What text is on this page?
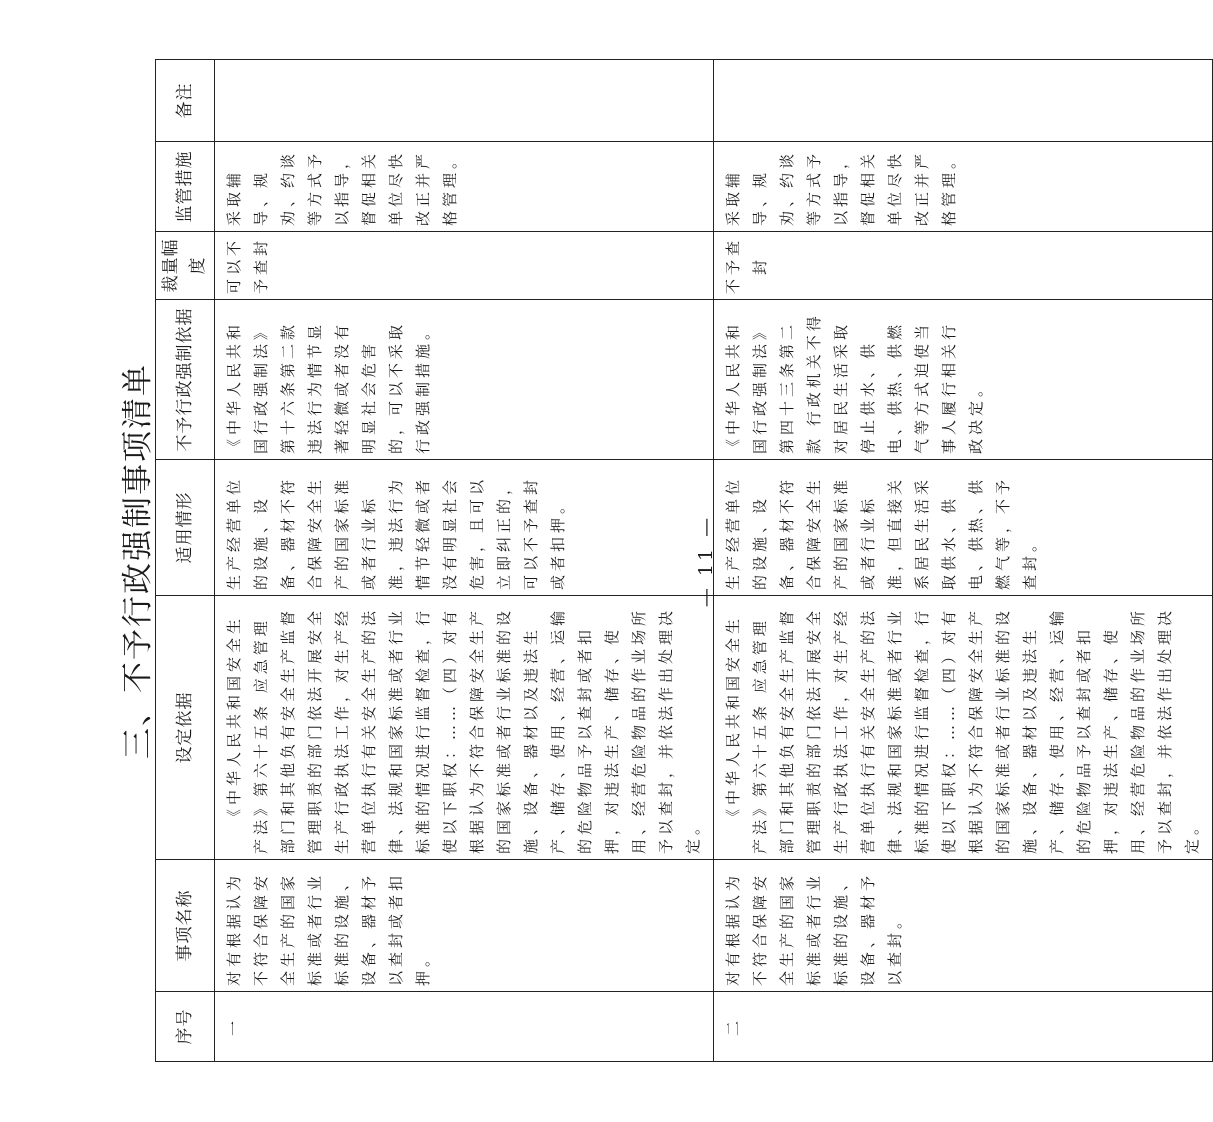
三、不予行政强制事项清单
序号	事项名称	设定依据	适用情形	不予行政强制依据	裁量幅度	监管措施	备注
一	对有根据认为不符合保障安全生产的国家标准或者行业标准的设施、设备、器材予以查封或者扣押。	《中华人民共和国安全生产法》第六十五条 应急管理部门和其他负有安全生产监督管理职责的部门依法开展安全生产行政执法工作，对生产经营单位执行有关安全生产的法律、法规和国家标准或者行业标准的情况进行监督检查，行使以下职权：……（四）对有根据认为不符合保障安全生产的国家标准或者行业标准的设施、设备、器材以及违法生产、储存、使用、经营、运输的危险物品予以查封或者扣押，对违法生产、储存、使用、经营危险物品的作业场所予以查封，并依法作出处理决定。	生产经营单位的设施、设备、器材不符合保障安全生产的国家标准或者行业标准，违法行为情节轻微或者没有明显社会危害，且可以立即纠正的，可以不予查封或者扣押。	《中华人民共和国行政强制法》第十六条第二款 违法行为情节显著轻微或者没有明显社会危害的，可以不采取行政强制措施。	可以不予查封	采取辅导、规劝、约谈等方式予以指导，督促相关单位尽快改正并严格管理。	
二	对有根据认为不符合保障安全生产的国家标准或者行业标准的设施、设备、器材予以查封。	《中华人民共和国安全生产法》第六十五条 应急管理部门和其他负有安全生产监督管理职责的部门依法开展安全生产行政执法工作，对生产经营单位执行有关安全生产的法律、法规和国家标准或者行业标准的情况进行监督检查，行使以下职权：……（四）对有根据认为不符合保障安全生产的国家标准或者行业标准的设施、设备、器材以及违法生产、储存、使用、经营、运输的危险物品予以查封或者扣押，对违法生产、储存、使用、经营危险物品的作业场所予以查封，并依法作出处理决定。	生产经营单位的设施、设备、器材不符合保障安全生产的国家标准或者行业标准，但直接关系居民生活采取供水、供电、供热、供燃气等，不予查封。	《中华人民共和国行政强制法》第四十三条第二款 行政机关不得对居民生活采取停止供水、供电、供热、供燃气等方式迫使当事人履行相关行政决定。	不予查封	采取辅导、规劝、约谈等方式予以指导，督促相关单位尽快改正并严格管理。	
— 11 —
